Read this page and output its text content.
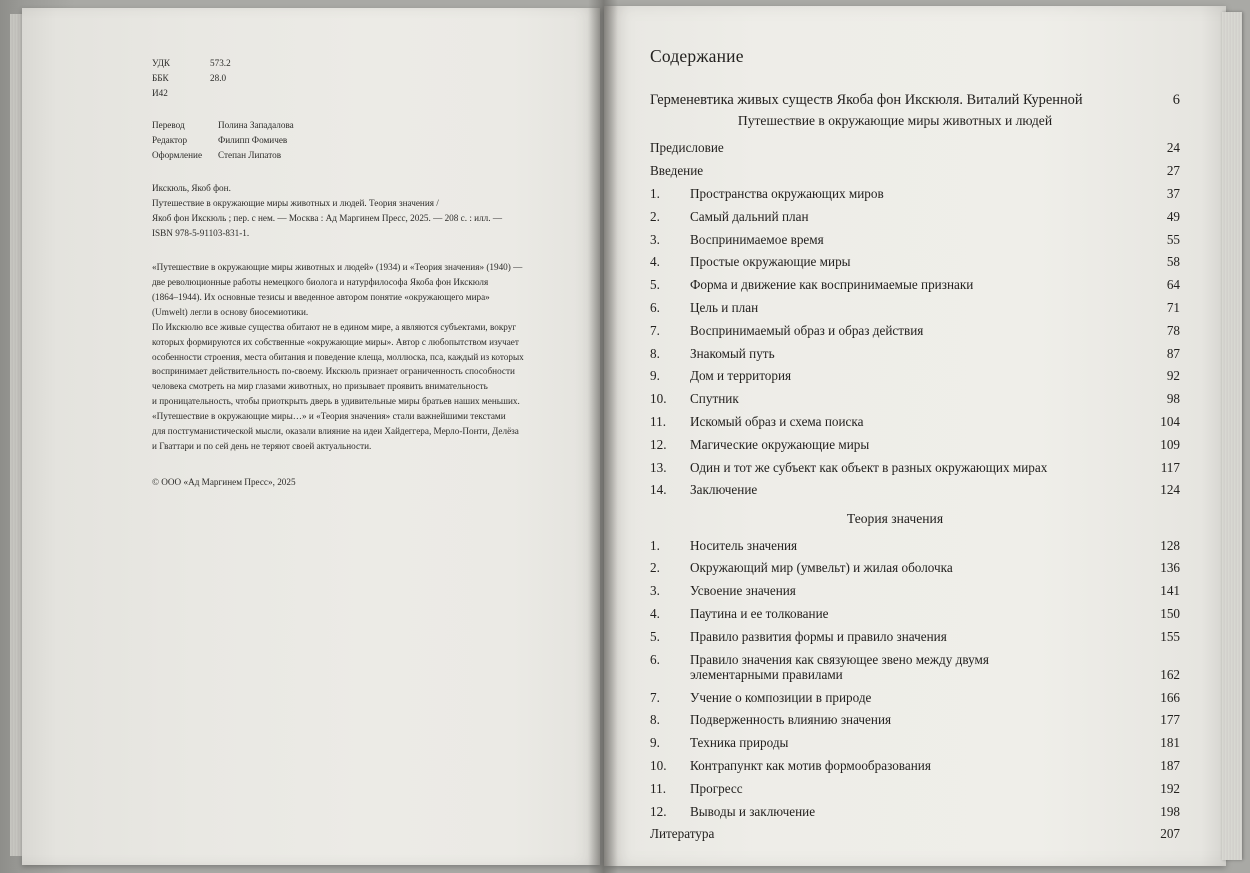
УДК	573.2
ББК	28.0
И42
Перевод	Полина Западалова
Редактор	Филипп Фомичев
Оформление	Степан Липатов
Икскюль, Якоб фон.
Путешествие в окружающие миры животных и людей. Теория значения /
Якоб фон Икскюль ; пер. с нем. — Москва : Ад Маргинем Пресс, 2025. — 208 с. : илл. —
ISBN 978-5-91103-831-1.
«Путешествие в окружающие миры животных и людей» (1934) и «Теория значения» (1940) —
две революционные работы немецкого биолога и натурфилософа Якоба фон Икскюля
(1864–1944). Их основные тезисы и введенное автором понятие «окружающего мира»
(Umwelt) легли в основу биосемиотики.
По Икскюлю все живые существа обитают не в едином мире, а являются субъектами, вокруг
которых формируются их собственные «окружающие миры». Автор с любопытством изучает
особенности строения, места обитания и поведение клеща, моллюска, пса, каждый из которых
воспринимает действительность по-своему. Икскюль признает ограниченность способности
человека смотреть на мир глазами животных, но призывает проявить внимательность
и проницательность, чтобы приоткрыть дверь в удивительные миры братьев наших меньших.
«Путешествие в окружающие миры…» и «Теория значения» стали важнейшими текстами
для постгуманистической мысли, оказали влияние на идеи Хайдеггера, Мерло-Понти, Делёза
и Гваттари и по сей день не теряют своей актуальности.
© ООО «Ад Маргинем Пресс», 2025
Содержание
Герменевтика живых существ Якоба фон Икскюля. Виталий Куренной	6
Путешествие в окружающие миры животных и людей
Предисловие	24
Введение	27
1.	Пространства окружающих миров	37
2.	Самый дальний план	49
3.	Воспринимаемое время	55
4.	Простые окружающие миры	58
5.	Форма и движение как воспринимаемые признаки	64
6.	Цель и план	71
7.	Воспринимаемый образ и образ действия	78
8.	Знакомый путь	87
9.	Дом и территория	92
10.	Спутник	98
11.	Искомый образ и схема поиска	104
12.	Магические окружающие миры	109
13.	Один и тот же субъект как объект в разных окружающих мирах	117
14.	Заключение	124
Теория значения
1.	Носитель значения	128
2.	Окружающий мир (умвельт) и жилая оболочка	136
3.	Усвоение значения	141
4.	Паутина и ее толкование	150
5.	Правило развития формы и правило значения	155
6.	Правило значения как связующее звено между двумя
элементарными правилами	162
7.	Учение о композиции в природе	166
8.	Подверженность влиянию значения	177
9.	Техника природы	181
10.	Контрапункт как мотив формообразования	187
11.	Прогресс	192
12.	Выводы и заключение	198
Литература	207
